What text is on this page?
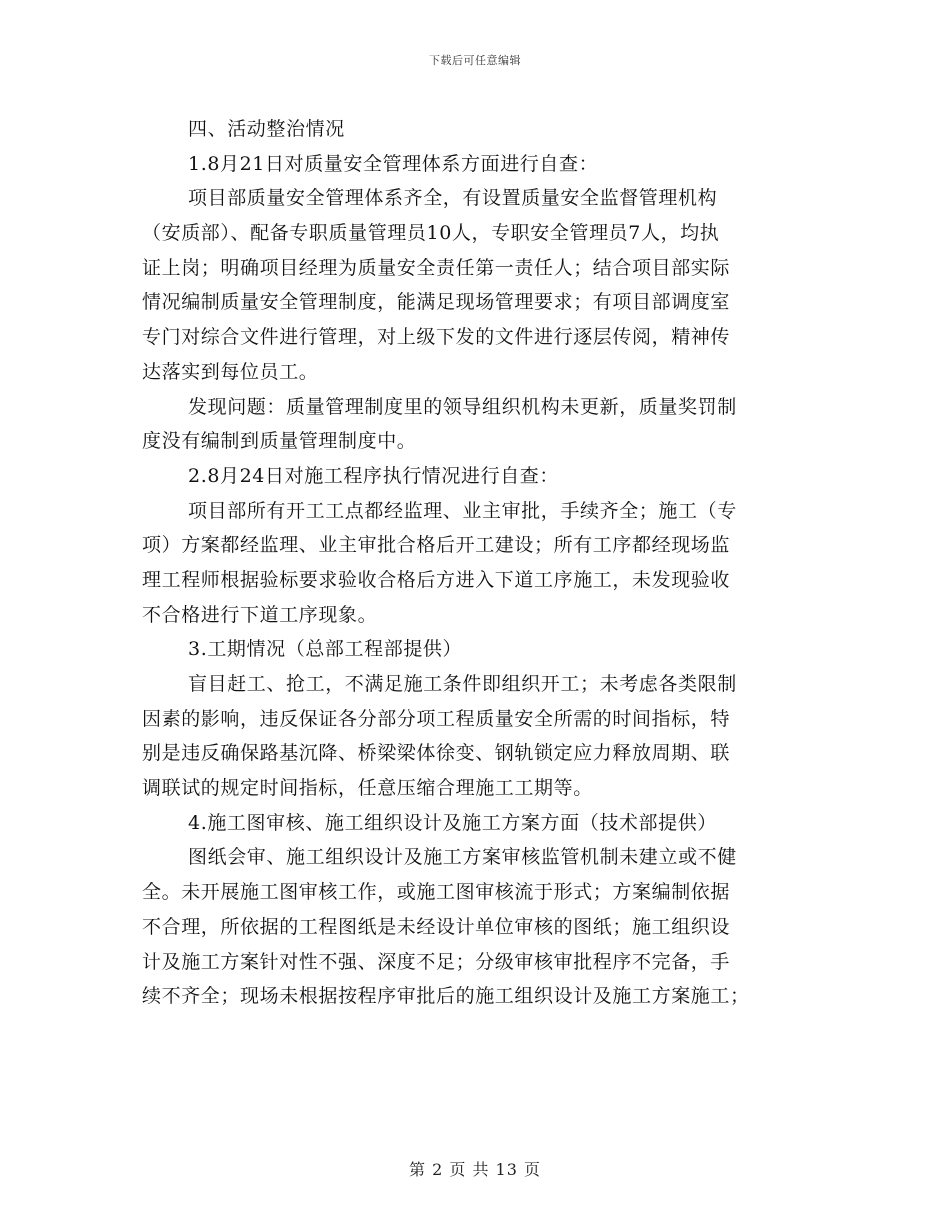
下载后可任意编辑
四、活动整治情况
1.8月21日对质量安全管理体系方面进行自查：
项目部质量安全管理体系齐全，有设置质量安全监督管理机构
（安质部）、配备专职质量管理员10人，专职安全管理员7人，均执
证上岗；明确项目经理为质量安全责任第一责任人；结合项目部实际
情况编制质量安全管理制度，能满足现场管理要求；有项目部调度室
专门对综合文件进行管理，对上级下发的文件进行逐层传阅，精神传
达落实到每位员工。
发现问题：质量管理制度里的领导组织机构未更新，质量奖罚制
度没有编制到质量管理制度中。
2.8月24日对施工程序执行情况进行自查：
项目部所有开工工点都经监理、业主审批，手续齐全；施工（专
项）方案都经监理、业主审批合格后开工建设；所有工序都经现场监
理工程师根据验标要求验收合格后方进入下道工序施工，未发现验收
不合格进行下道工序现象。
3.工期情况（总部工程部提供）
盲目赶工、抢工，不满足施工条件即组织开工；未考虑各类限制
因素的影响，违反保证各分部分项工程质量安全所需的时间指标，特
别是违反确保路基沉降、桥梁梁体徐变、钢轨锁定应力释放周期、联
调联试的规定时间指标，任意压缩合理施工工期等。
4.施工图审核、施工组织设计及施工方案方面（技术部提供）
图纸会审、施工组织设计及施工方案审核监管机制未建立或不健
全。未开展施工图审核工作，或施工图审核流于形式；方案编制依据
不合理，所依据的工程图纸是未经设计单位审核的图纸；施工组织设
计及施工方案针对性不强、深度不足；分级审核审批程序不完备，手
续不齐全；现场未根据按程序审批后的施工组织设计及施工方案施工；
第 2 页 共 13 页
